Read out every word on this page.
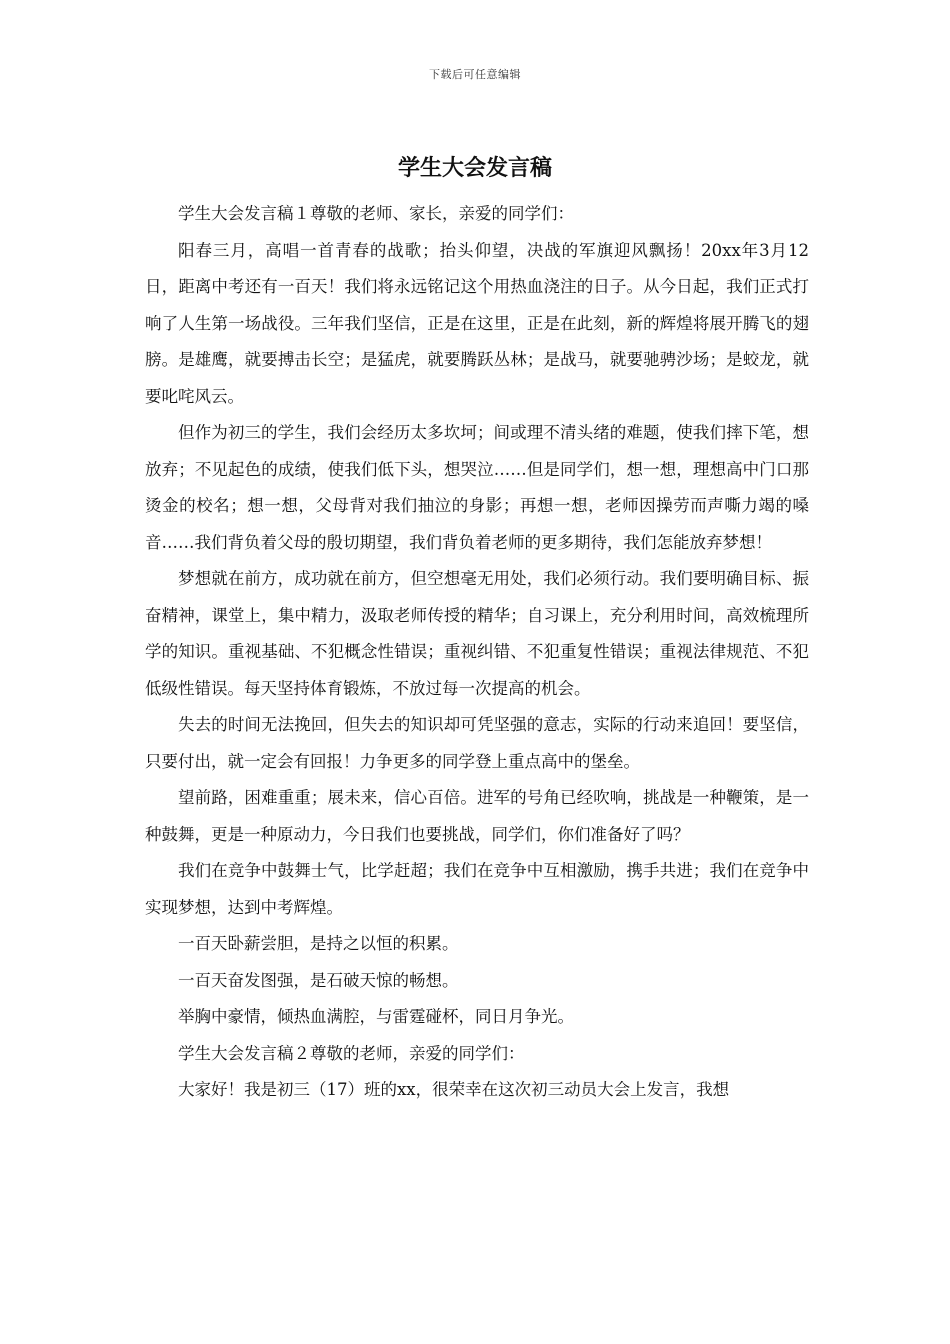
下载后可任意编辑
学生大会发言稿

学生大会发言稿１尊敬的老师、家长，亲爱的同学们：

阳春三月，高唱一首青春的战歌；抬头仰望，决战的军旗迎风飘扬！20xx年3月12日，距离中考还有一百天！我们将永远铭记这个用热血浇注的日子。从今日起，我们正式打响了人生第一场战役。三年我们坚信，正是在这里，正是在此刻，新的辉煌将展开腾飞的翅膀。是雄鹰，就要搏击长空；是猛虎，就要腾跃丛林；是战马，就要驰骋沙场；是蛟龙，就要叱咤风云。

但作为初三的学生，我们会经历太多坎坷；间或理不清头绪的难题，使我们摔下笔，想放弃；不见起色的成绩，使我们低下头，想哭泣……但是同学们，想一想，理想高中门口那烫金的校名；想一想，父母背对我们抽泣的身影；再想一想，老师因操劳而声嘶力竭的嗓音……我们背负着父母的殷切期望，我们背负着老师的更多期待，我们怎能放弃梦想！

梦想就在前方，成功就在前方，但空想毫无用处，我们必须行动。我们要明确目标、振奋精神，课堂上，集中精力，汲取老师传授的精华；自习课上，充分利用时间，高效梳理所学的知识。重视基础、不犯概念性错误；重视纠错、不犯重复性错误；重视法律规范、不犯低级性错误。每天坚持体育锻炼，不放过每一次提高的机会。

失去的时间无法挽回，但失去的知识却可凭坚强的意志，实际的行动来追回！要坚信，只要付出，就一定会有回报！力争更多的同学登上重点高中的堡垒。

望前路，困难重重；展未来，信心百倍。进军的号角已经吹响，挑战是一种鞭策，是一种鼓舞，更是一种原动力，今日我们也要挑战，同学们，你们准备好了吗？

我们在竞争中鼓舞士气，比学赶超；我们在竞争中互相激励，携手共进；我们在竞争中实现梦想，达到中考辉煌。

一百天卧薪尝胆，是持之以恒的积累。

一百天奋发图强，是石破天惊的畅想。

举胸中豪情，倾热血满腔，与雷霆碰杯，同日月争光。

学生大会发言稿２尊敬的老师，亲爱的同学们：

大家好！我是初三（17）班的xx，很荣幸在这次初三动员大会上发言，我想
